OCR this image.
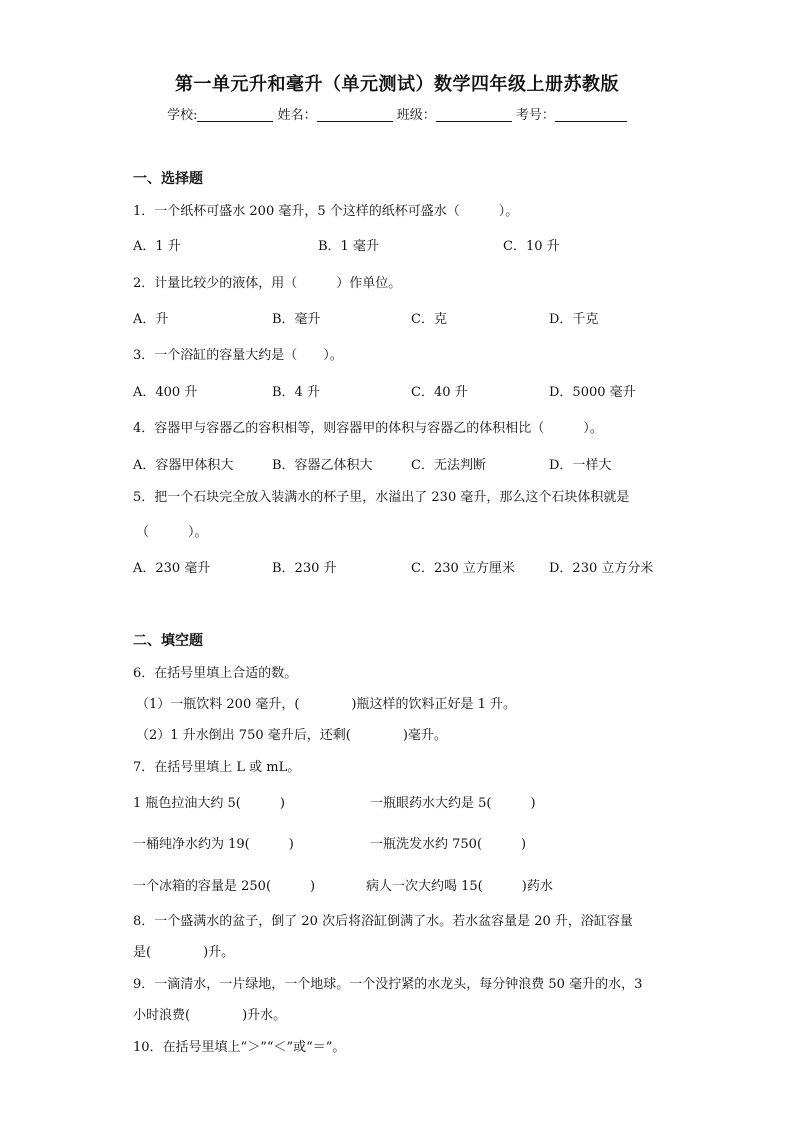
第一单元升和毫升（单元测试）数学四年级上册苏教版
学校:	姓名：	班级：	考号：
一、选择题
1．一个纸杯可盛水 200 毫升，5 个这样的纸杯可盛水（　　　）。
A．1 升	B．1 毫升	C．10 升
2．计量比较少的液体，用（　　　）作单位。
A．升	B．毫升	C．克	D．千克
3．一个浴缸的容量大约是（　　）。
A．400 升	B．4 升	C．40 升	D．5000 毫升
4．容器甲与容器乙的容积相等，则容器甲的体积与容器乙的体积相比（　　　）。
A．容器甲体积大	B．容器乙体积大	C．无法判断	D．一样大
5．把一个石块完全放入装满水的杯子里，水溢出了 230 毫升，那么这个石块体积就是
（　　　）。
A．230 毫升	B．230 升	C．230 立方厘米	D．230 立方分米
二、填空题
6．在括号里填上合适的数。
（1）一瓶饮料 200 毫升，(　　　　)瓶这样的饮料正好是 1 升。
（2）1 升水倒出 750 毫升后，还剩(　　　　)毫升。
7．在括号里填上 L 或 mL。
1 瓶色拉油大约 5(　　　)	一瓶眼药水大约是 5(　　　)
一桶纯净水约为 19(　　　)	一瓶洗发水约 750(　　　)
一个冰箱的容量是 250(　　　)	病人一次大约喝 15(　　　)药水
8．一个盛满水的盆子，倒了 20 次后将浴缸倒满了水。若水盆容量是 20 升，浴缸容量
是(　　　　)升。
9．一滴清水，一片绿地，一个地球。一个没拧紧的水龙头，每分钟浪费 50 毫升的水，3
小时浪费(　　　　)升水。
10．在括号里填上“＞”“＜”或“＝”。
